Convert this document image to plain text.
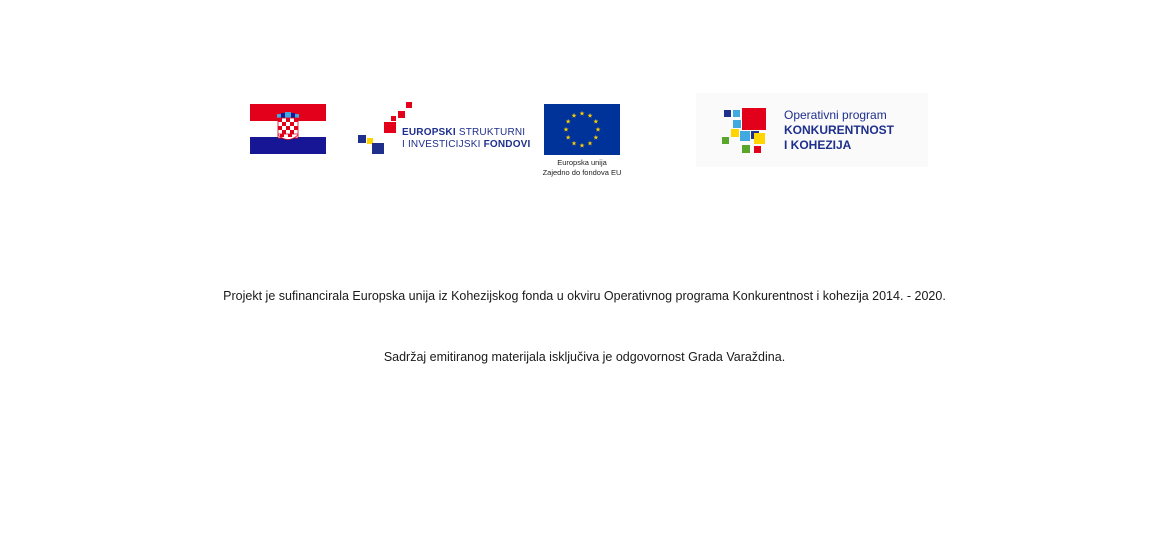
EUROPSKI STRUKTURNI
I INVESTICIJSKI FONDOVI
Europska unija
Zajedno do fondova EU
Operativni program
KONKURENTNOST
I KOHEZIJA
Projekt je sufinancirala Europska unija iz Kohezijskog fonda u okviru Operativnog programa Konkurentnost i kohezija 2014. - 2020.
Sadržaj emitiranog materijala isključiva je odgovornost Grada Varaždina.
